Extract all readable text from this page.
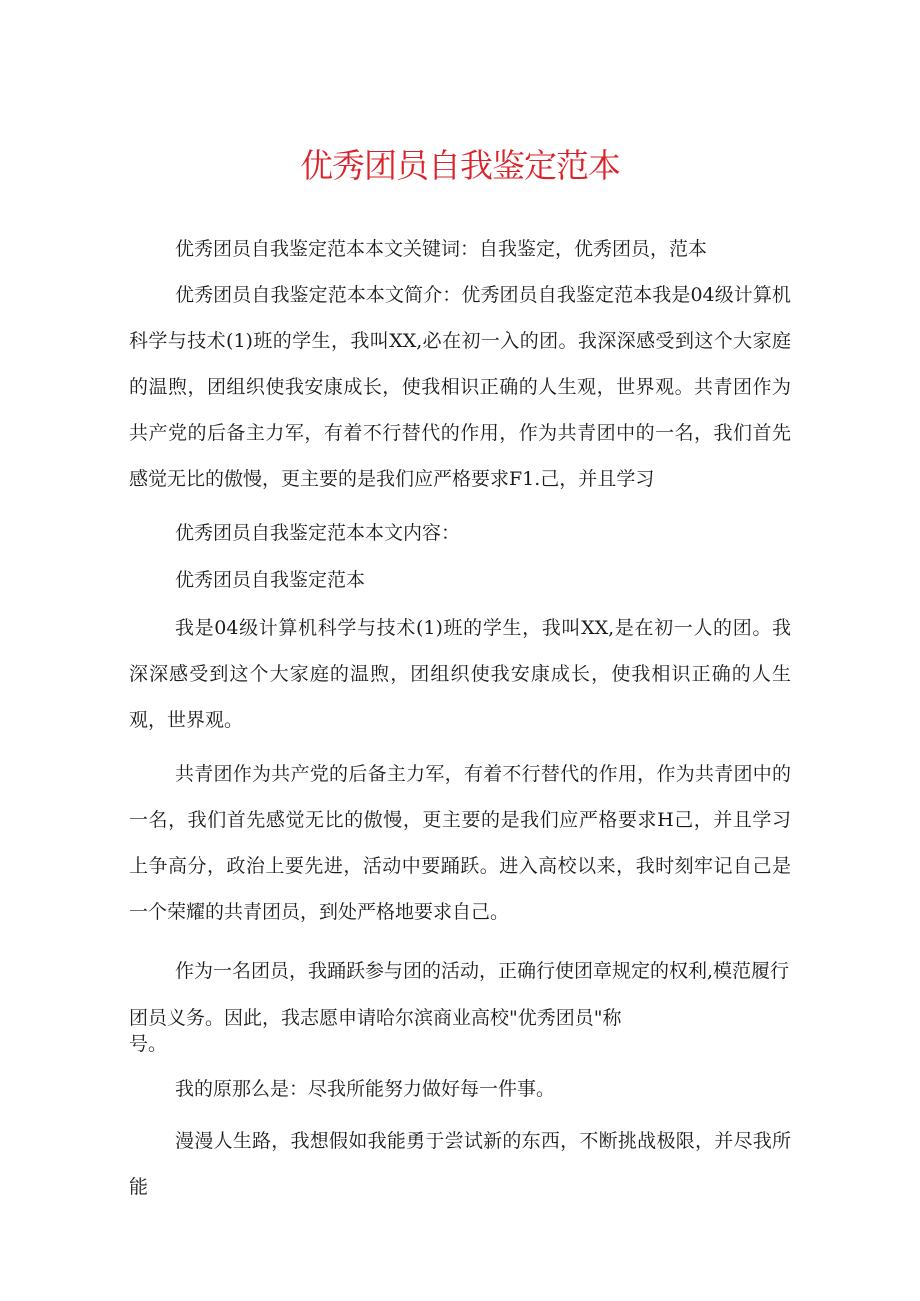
优秀团员自我鉴定范本

优秀团员自我鉴定范本本文关键词：自我鉴定，优秀团员，范本

优秀团员自我鉴定范本本文简介：优秀团员自我鉴定范本我是04级计算机科学与技术(1)班的学生，我叫XX,必在初一入的团。我深深感受到这个大家庭的温煦，团组织使我安康成长，使我相识正确的人生观，世界观。共青团作为共产党的后备主力军，有着不行替代的作用，作为共青团中的一名，我们首先感觉无比的傲慢，更主要的是我们应严格要求F1.己，并且学习

优秀团员自我鉴定范本本文内容：

优秀团员自我鉴定范本

我是04级计算机科学与技术(1)班的学生，我叫XX,是在初一人的团。我深深感受到这个大家庭的温煦，团组织使我安康成长，使我相识正确的人生观，世界观。

共青团作为共产党的后备主力军，有着不行替代的作用，作为共青团中的一名，我们首先感觉无比的傲慢，更主要的是我们应严格要求H己，并且学习上争高分，政治上要先进，活动中要踊跃。进入高校以来，我时刻牢记自己是一个荣耀的共青团员，到处严格地要求自己。

作为一名团员，我踊跃参与团的活动，正确行使团章规定的权利,模范履行

团员义务。因此，我志愿申请哈尔滨商业高校"优秀团员"称

号。

我的原那么是：尽我所能努力做好每一件事。

漫漫人生路，我想假如我能勇于尝试新的东西，不断挑战极限，并尽我所能
